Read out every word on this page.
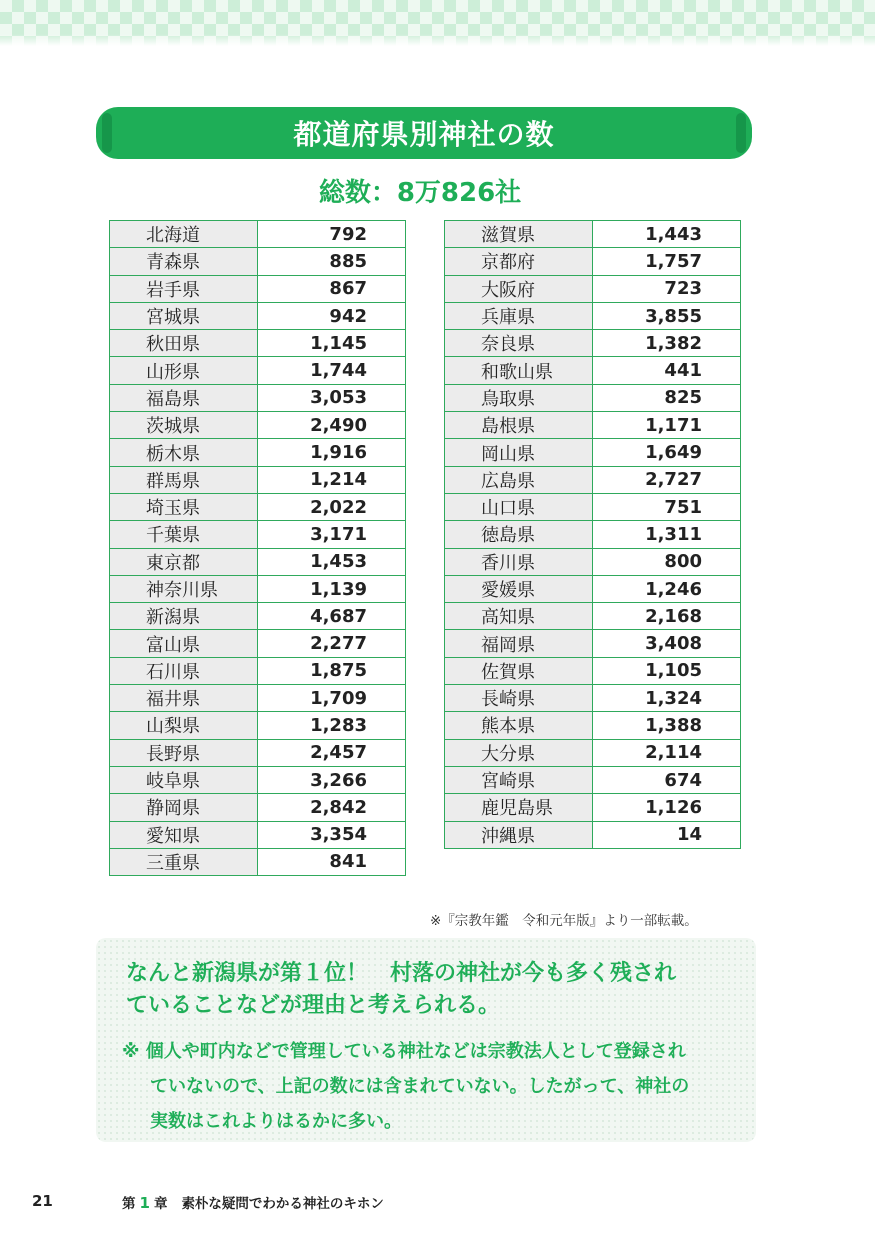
都道府県別神社の数
総数：8万826社
北海道	792
青森県	885
岩手県	867
宮城県	942
秋田県	1,145
山形県	1,744
福島県	3,053
茨城県	2,490
栃木県	1,916
群馬県	1,214
埼玉県	2,022
千葉県	3,171
東京都	1,453
神奈川県	1,139
新潟県	4,687
富山県	2,277
石川県	1,875
福井県	1,709
山梨県	1,283
長野県	2,457
岐阜県	3,266
静岡県	2,842
愛知県	3,354
三重県	841
滋賀県	1,443
京都府	1,757
大阪府	723
兵庫県	3,855
奈良県	1,382
和歌山県	441
鳥取県	825
島根県	1,171
岡山県	1,649
広島県	2,727
山口県	751
徳島県	1,311
香川県	800
愛媛県	1,246
高知県	2,168
福岡県	3,408
佐賀県	1,105
長崎県	1,324
熊本県	1,388
大分県	2,114
宮崎県	674
鹿児島県	1,126
沖縄県	14
※『宗教年鑑　令和元年版』より一部転載。
なんと新潟県が第１位！　村落の神社が今も多く残され
ていることなどが理由と考えられる。
※ 個人や町内などで管理している神社などは宗教法人として登録され
ていないので、上記の数には含まれていない。したがって、神社の
実数はこれよりはるかに多い。
21	第 1 章 素朴な疑問でわかる神社のキホン
